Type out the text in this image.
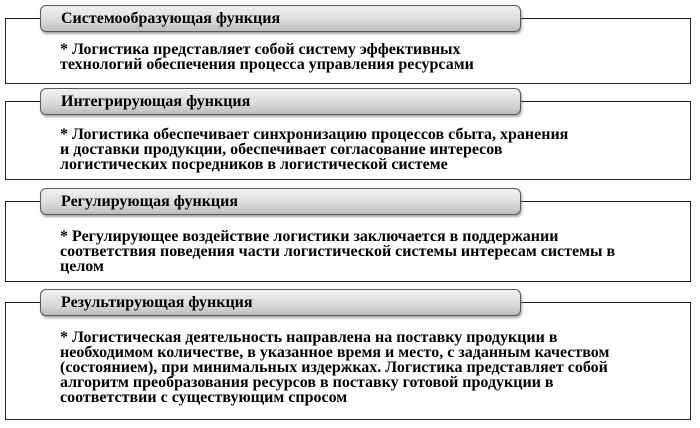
Системообразующая функция
* Логистика представляет собой систему эффективных
технологий обеспечения процесса управления ресурсами
Интегрирующая функция
* Логистика обеспечивает синхронизацию процессов сбыта, хранения
и доставки продукции, обеспечивает согласование интересов
логистических посредников в логистической системе
Регулирующая функция
* Регулирующее воздействие логистики заключается в поддержании
соответствия поведения части логистической системы интересам системы в
целом
Результирующая функция
* Логистическая деятельность направлена на поставку продукции в
необходимом количестве, в указанное время и место, с заданным качеством
(состоянием), при минимальных издержках. Логистика представляет собой
алгоритм преобразования ресурсов в поставку готовой продукции в
соответствии с существующим спросом
